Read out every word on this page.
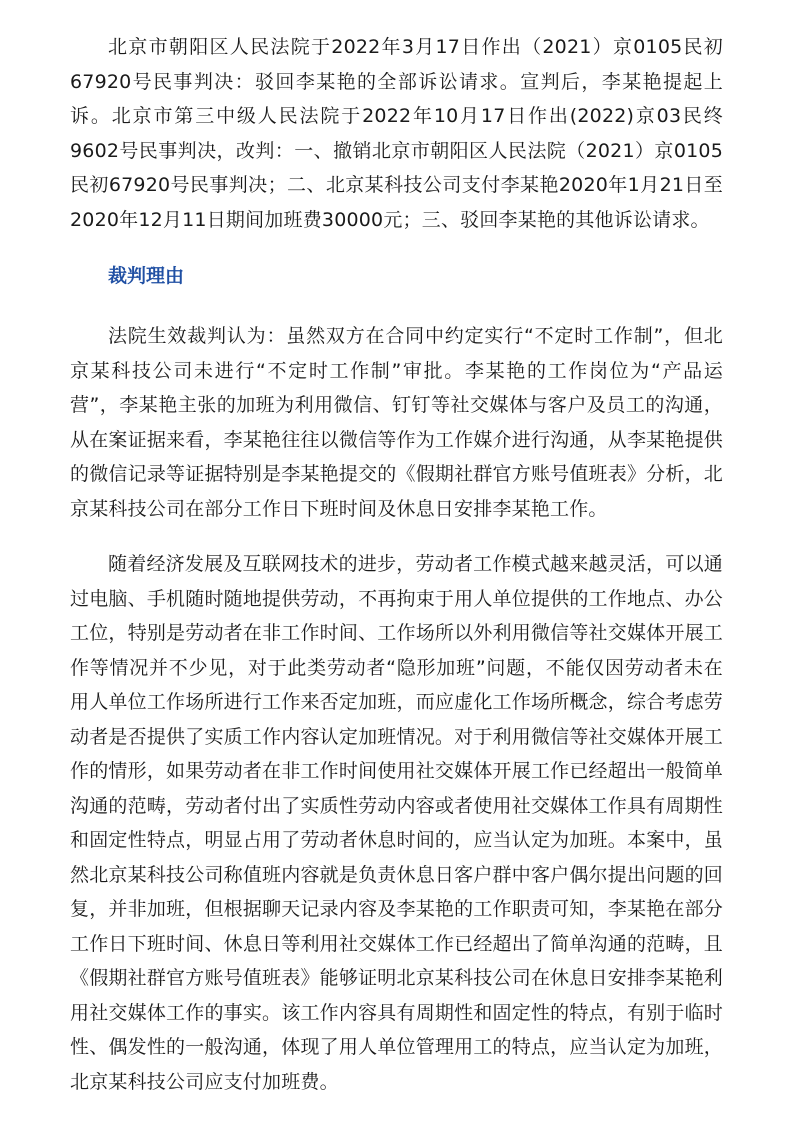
北京市朝阳区人民法院于2022年3月17日作出（2021）京0105民初67920号民事判决：驳回李某艳的全部诉讼请求。宣判后，李某艳提起上诉。北京市第三中级人民法院于2022年10月17日作出(2022)京03民终9602号民事判决，改判：一、撤销北京市朝阳区人民法院（2021）京0105民初67920号民事判决；二、北京某科技公司支付李某艳2020年1月21日至2020年12月11日期间加班费30000元；三、驳回李某艳的其他诉讼请求。

裁判理由

法院生效裁判认为：虽然双方在合同中约定实行“不定时工作制”，但北京某科技公司未进行“不定时工作制”审批。李某艳的工作岗位为“产品运营”，李某艳主张的加班为利用微信、钉钉等社交媒体与客户及员工的沟通，从在案证据来看，李某艳往往以微信等作为工作媒介进行沟通，从李某艳提供的微信记录等证据特别是李某艳提交的《假期社群官方账号值班表》分析，北京某科技公司在部分工作日下班时间及休息日安排李某艳工作。

随着经济发展及互联网技术的进步，劳动者工作模式越来越灵活，可以通过电脑、手机随时随地提供劳动，不再拘束于用人单位提供的工作地点、办公工位，特别是劳动者在非工作时间、工作场所以外利用微信等社交媒体开展工作等情况并不少见，对于此类劳动者“隐形加班”问题，不能仅因劳动者未在用人单位工作场所进行工作来否定加班，而应虚化工作场所概念，综合考虑劳动者是否提供了实质工作内容认定加班情况。对于利用微信等社交媒体开展工作的情形，如果劳动者在非工作时间使用社交媒体开展工作已经超出一般简单沟通的范畴，劳动者付出了实质性劳动内容或者使用社交媒体工作具有周期性和固定性特点，明显占用了劳动者休息时间的，应当认定为加班。本案中，虽然北京某科技公司称值班内容就是负责休息日客户群中客户偶尔提出问题的回复，并非加班，但根据聊天记录内容及李某艳的工作职责可知，李某艳在部分工作日下班时间、休息日等利用社交媒体工作已经超出了简单沟通的范畴，且《假期社群官方账号值班表》能够证明北京某科技公司在休息日安排李某艳利用社交媒体工作的事实。该工作内容具有周期性和固定性的特点，有别于临时性、偶发性的一般沟通，体现了用人单位管理用工的特点，应当认定为加班，北京某科技公司应支付加班费。
